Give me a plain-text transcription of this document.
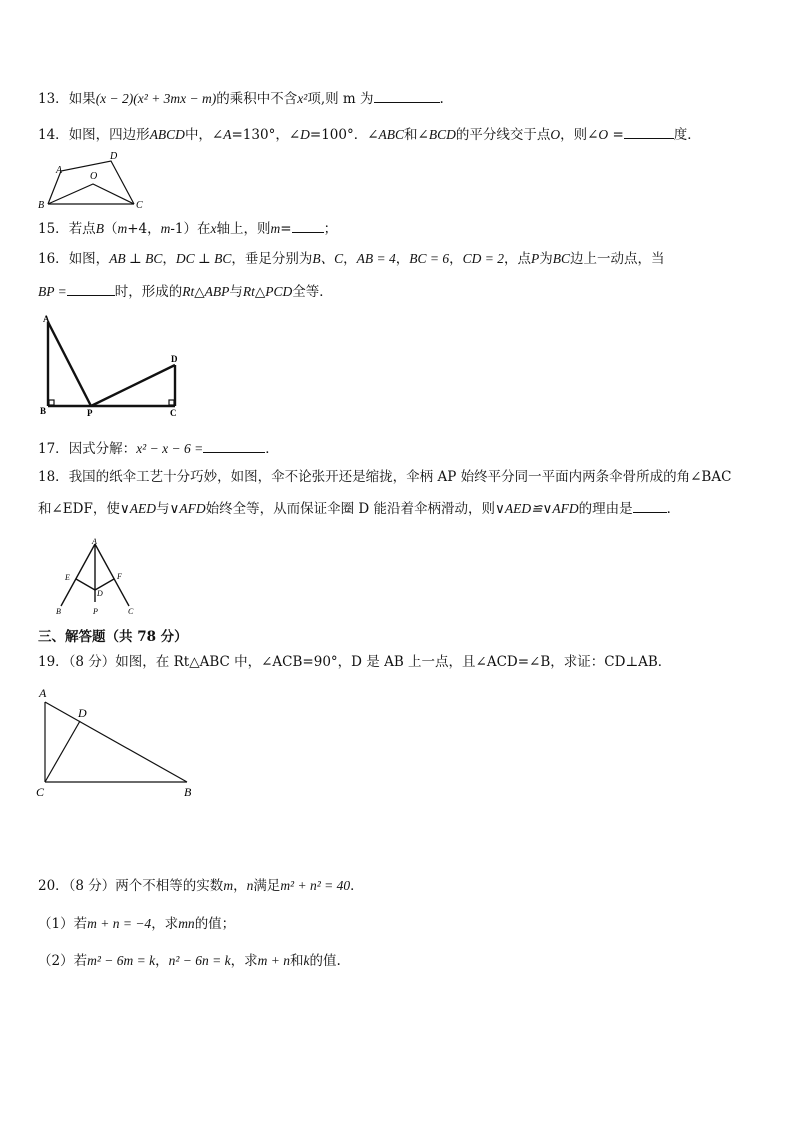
13．如果(x − 2)(x² + 3mx − m)的乘积中不含x²项,则 m 为	.
14．如图，四边形ABCD中，∠A=130°，∠D=100°．∠ABC和∠BCD的平分线交于点O，则∠O =	度．
A
D
O
B	C
15．若点B（m+4，m-1）在x轴上，则m= ；
16．如图，AB ⊥ BC，DC ⊥ BC，垂足分别为B、C，AB = 4，BC = 6，CD = 2，点P为BC边上一动点，当
BP =	时，形成的Rt△ABP与Rt△PCD全等．
A
D
B	P	C
17．因式分解：x² − x − 6 =	．
18．我国的纸伞工艺十分巧妙，如图，伞不论张开还是缩拢，伞柄 AP 始终平分同一平面内两条伞骨所成的角∠BAC
和∠EDF，使∨AED与∨AFD始终全等，从而保证伞圈 D 能沿着伞柄滑动，则∨AED≌∨AFD的理由是	．
A
E	F
D
B	P	C
三、解答题（共 78 分）
19．（8 分）如图，在 Rt△ABC 中，∠ACB=90°，D 是 AB 上一点，且∠ACD=∠B，求证：CD⊥AB．
A
D
C	B
20．（8 分）两个不相等的实数m，n满足m² + n² = 40．
（1）若m + n = −4，求mn的值；
（2）若m² − 6m = k，n² − 6n = k，求m + n和k的值.
